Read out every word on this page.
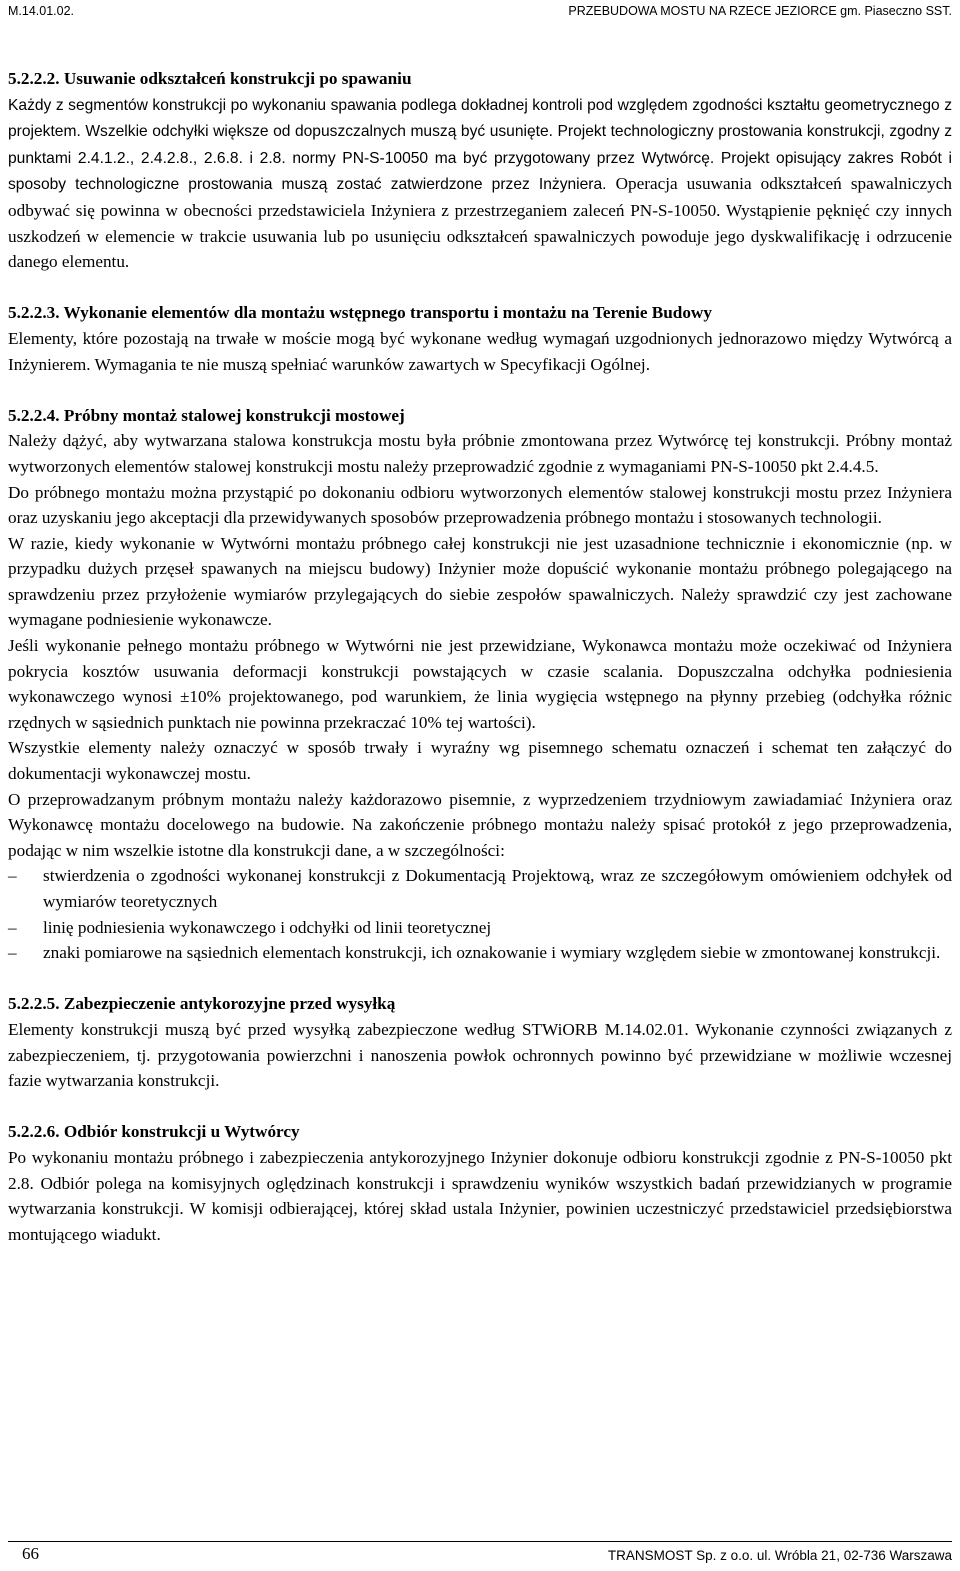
M.14.01.02.	PRZEBUDOWA MOSTU NA RZECE JEZIORCE gm. Piaseczno SST.

5.2.2.2. Usuwanie odkształceń konstrukcji po spawaniu

Każdy z segmentów konstrukcji po wykonaniu spawania podlega dokładnej kontroli pod względem zgodności kształtu geometrycznego z projektem. Wszelkie odchyłki większe od dopuszczalnych muszą być usunięte. Projekt technologiczny prostowania konstrukcji, zgodny z punktami 2.4.1.2., 2.4.2.8., 2.6.8. i 2.8. normy PN-S-10050 ma być przygotowany przez Wytwórcę. Projekt opisujący zakres Robót i sposoby technologiczne prostowania muszą zostać zatwierdzone przez Inżyniera. Operacja usuwania odkształceń spawalniczych odbywać się powinna w obecności przedstawiciela Inżyniera z przestrzeganiem zaleceń PN-S-10050. Wystąpienie pęknięć czy innych uszkodzeń w elemencie w trakcie usuwania lub po usunięciu odkształceń spawalniczych powoduje jego dyskwalifikację i odrzucenie danego elementu.

5.2.2.3. Wykonanie elementów dla montażu wstępnego transportu i montażu na Terenie Budowy

Elementy, które pozostają na trwałe w moście mogą być wykonane według wymagań uzgodnionych jednorazowo między Wytwórcą a Inżynierem. Wymagania te nie muszą spełniać warunków zawartych w Specyfikacji Ogólnej.

5.2.2.4. Próbny montaż stalowej konstrukcji mostowej

Należy dążyć, aby wytwarzana stalowa konstrukcja mostu była próbnie zmontowana przez Wytwórcę tej konstrukcji. Próbny montaż wytworzonych elementów stalowej konstrukcji mostu należy przeprowadzić zgodnie z wymaganiami PN-S-10050 pkt 2.4.4.5.

Do próbnego montażu można przystąpić po dokonaniu odbioru wytworzonych elementów stalowej konstrukcji mostu przez Inżyniera oraz uzyskaniu jego akceptacji dla przewidywanych sposobów przeprowadzenia próbnego montażu i stosowanych technologii.

W razie, kiedy wykonanie w Wytwórni montażu próbnego całej konstrukcji nie jest uzasadnione technicznie i ekonomicznie (np. w przypadku dużych przęseł spawanych na miejscu budowy) Inżynier może dopuścić wykonanie montażu próbnego polegającego na sprawdzeniu przez przyłożenie wymiarów przylegających do siebie zespołów spawalniczych. Należy sprawdzić czy jest zachowane wymagane podniesienie wykonawcze.

Jeśli wykonanie pełnego montażu próbnego w Wytwórni nie jest przewidziane, Wykonawca montażu może oczekiwać od Inżyniera pokrycia kosztów usuwania deformacji konstrukcji powstających w czasie scalania. Dopuszczalna odchyłka podniesienia wykonawczego wynosi ±10% projektowanego, pod warunkiem, że linia wygięcia wstępnego na płynny przebieg (odchyłka różnic rzędnych w sąsiednich punktach nie powinna przekraczać 10% tej wartości).

Wszystkie elementy należy oznaczyć w sposób trwały i wyraźny wg pisemnego schematu oznaczeń i schemat ten załączyć do dokumentacji wykonawczej mostu.

O przeprowadzanym próbnym montażu należy każdorazowo pisemnie, z wyprzedzeniem trzydniowym zawiadamiać Inżyniera oraz Wykonawcę montażu docelowego na budowie. Na zakończenie próbnego montażu należy spisać protokół z jego przeprowadzenia, podając w nim wszelkie istotne dla konstrukcji dane, a w szczególności:

– stwierdzenia o zgodności wykonanej konstrukcji z Dokumentacją Projektową, wraz ze szczegółowym omówieniem odchyłek od wymiarów teoretycznych
– linię podniesienia wykonawczego i odchyłki od linii teoretycznej
– znaki pomiarowe na sąsiednich elementach konstrukcji, ich oznakowanie i wymiary względem siebie w zmontowanej konstrukcji.

5.2.2.5. Zabezpieczenie antykorozyjne przed wysyłką

Elementy konstrukcji muszą być przed wysyłką zabezpieczone według STWiORB M.14.02.01. Wykonanie czynności związanych z zabezpieczeniem, tj. przygotowania powierzchni i nanoszenia powłok ochronnych powinno być przewidziane w możliwie wczesnej fazie wytwarzania konstrukcji.

5.2.2.6. Odbiór konstrukcji u Wytwórcy

Po wykonaniu montażu próbnego i zabezpieczenia antykorozyjnego Inżynier dokonuje odbioru konstrukcji zgodnie z PN-S-10050 pkt 2.8. Odbiór polega na komisyjnych oględzinach konstrukcji i sprawdzeniu wyników wszystkich badań przewidzianych w programie wytwarzania konstrukcji. W komisji odbierającej, której skład ustala Inżynier, powinien uczestniczyć przedstawiciel przedsiębiorstwa montującego wiadukt.

66	TRANSMOST Sp. z o.o. ul. Wróbla 21, 02-736 Warszawa
